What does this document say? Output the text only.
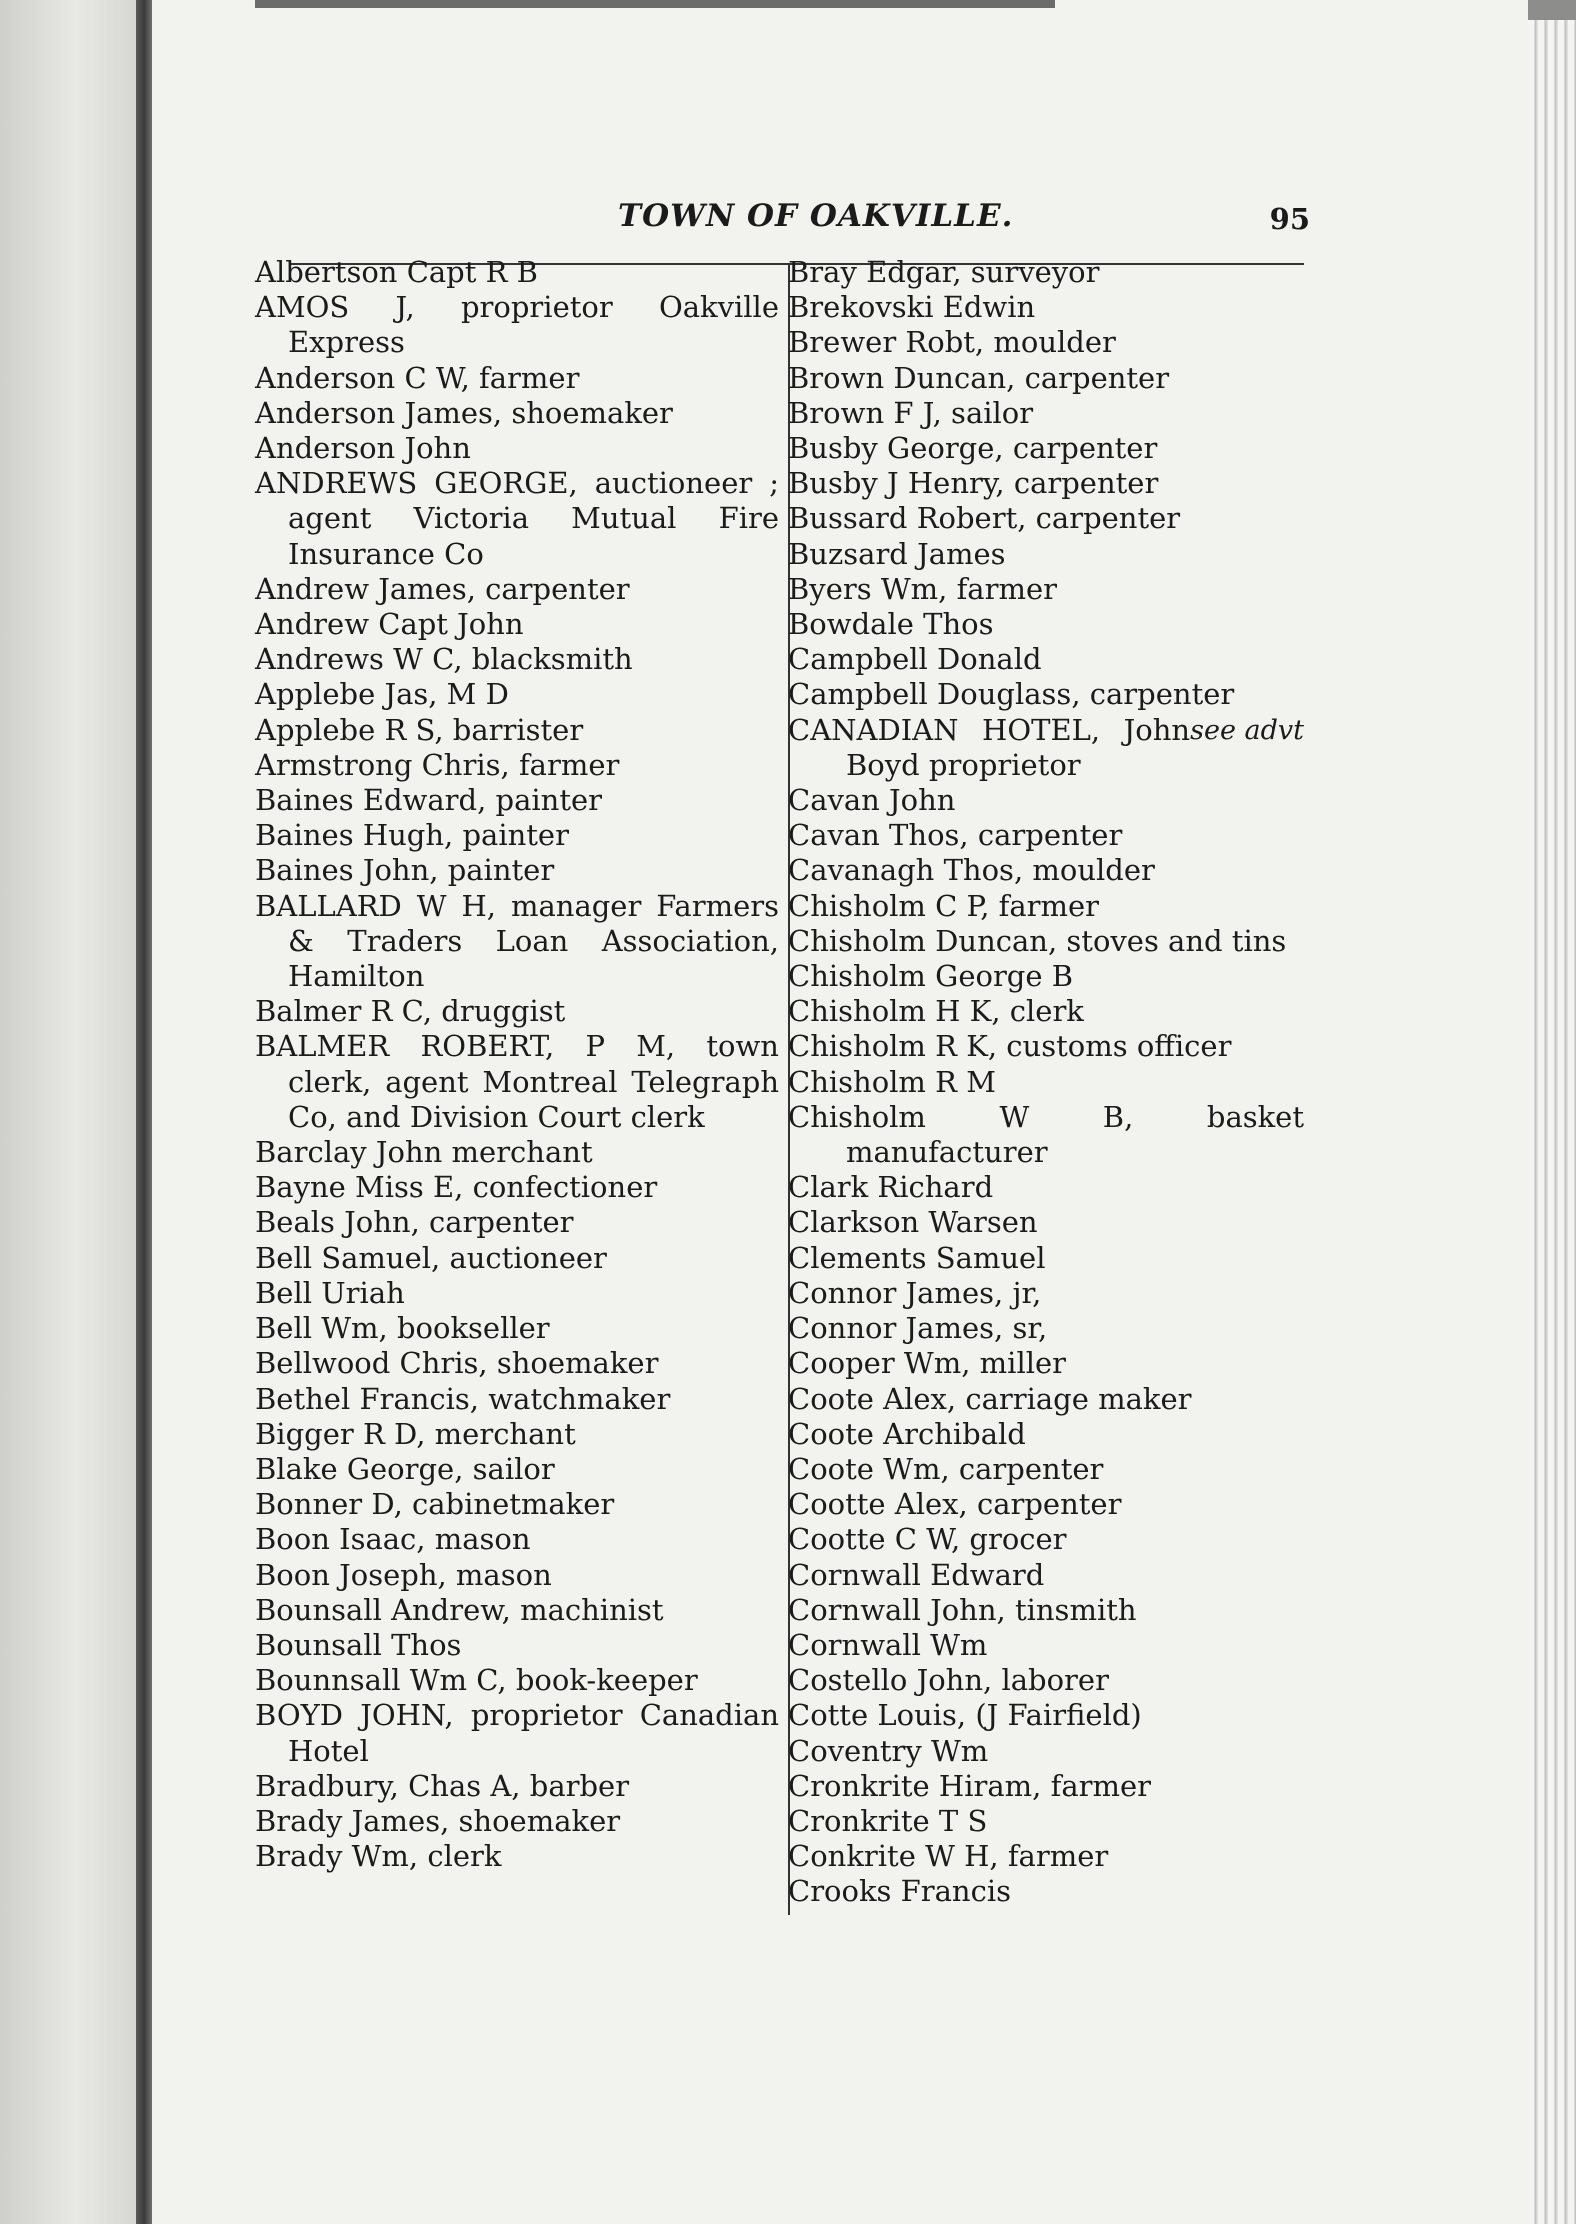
TOWN OF OAKVILLE.	95
Albertson Capt R B
AMOS J, proprietor Oakville Express
Anderson C W, farmer
Anderson James, shoemaker
Anderson John
ANDREWS GEORGE, auctioneer ; agent Victoria Mutual Fire Insurance Co
Andrew James, carpenter
Andrew Capt John
Andrews W C, blacksmith
Applebe Jas, M D
Applebe R S, barrister
Armstrong Chris, farmer
Baines Edward, painter
Baines Hugh, painter
Baines John, painter
BALLARD W H, manager Farmers & Traders Loan Association, Hamilton
Balmer R C, druggist
BALMER ROBERT, P M, town clerk, agent Montreal Telegraph Co, and Division Court clerk
Barclay John merchant
Bayne Miss E, confectioner
Beals John, carpenter
Bell Samuel, auctioneer
Bell Uriah
Bell Wm, bookseller
Bellwood Chris, shoemaker
Bethel Francis, watchmaker
Bigger R D, merchant
Blake George, sailor
Bonner D, cabinetmaker
Boon Isaac, mason
Boon Joseph, mason
Bounsall Andrew, machinist
Bounsall Thos
Bounnsall Wm C, book-keeper
BOYD JOHN, proprietor Canadian Hotel
Bradbury, Chas A, barber
Brady James, shoemaker
Brady Wm, clerk
Bray Edgar, surveyor
Brekovski Edwin
Brewer Robt, moulder
Brown Duncan, carpenter
Brown F J, sailor
Busby George, carpenter
Busby J Henry, carpenter
Bussard Robert, carpenter
Buzsard James
Byers Wm, farmer
Bowdale Thos
Campbell Donald
Campbell Douglass, carpenter
see advt
CANADIAN HOTEL, John Boyd proprietor
Cavan John
Cavan Thos, carpenter
Cavanagh Thos, moulder
Chisholm C P, farmer
Chisholm Duncan, stoves and tins
Chisholm George B
Chisholm H K, clerk
Chisholm R K, customs officer
Chisholm R M
Chisholm W B, basket manufacturer
Clark Richard
Clarkson Warsen
Clements Samuel
Connor James, jr,
Connor James, sr,
Cooper Wm, miller
Coote Alex, carriage maker
Coote Archibald
Coote Wm, carpenter
Cootte Alex, carpenter
Cootte C W, grocer
Cornwall Edward
Cornwall John, tinsmith
Cornwall Wm
Costello John, laborer
Cotte Louis, (J Fairfield)
Coventry Wm
Cronkrite Hiram, farmer
Cronkrite T S
Conkrite W H, farmer
Crooks Francis
